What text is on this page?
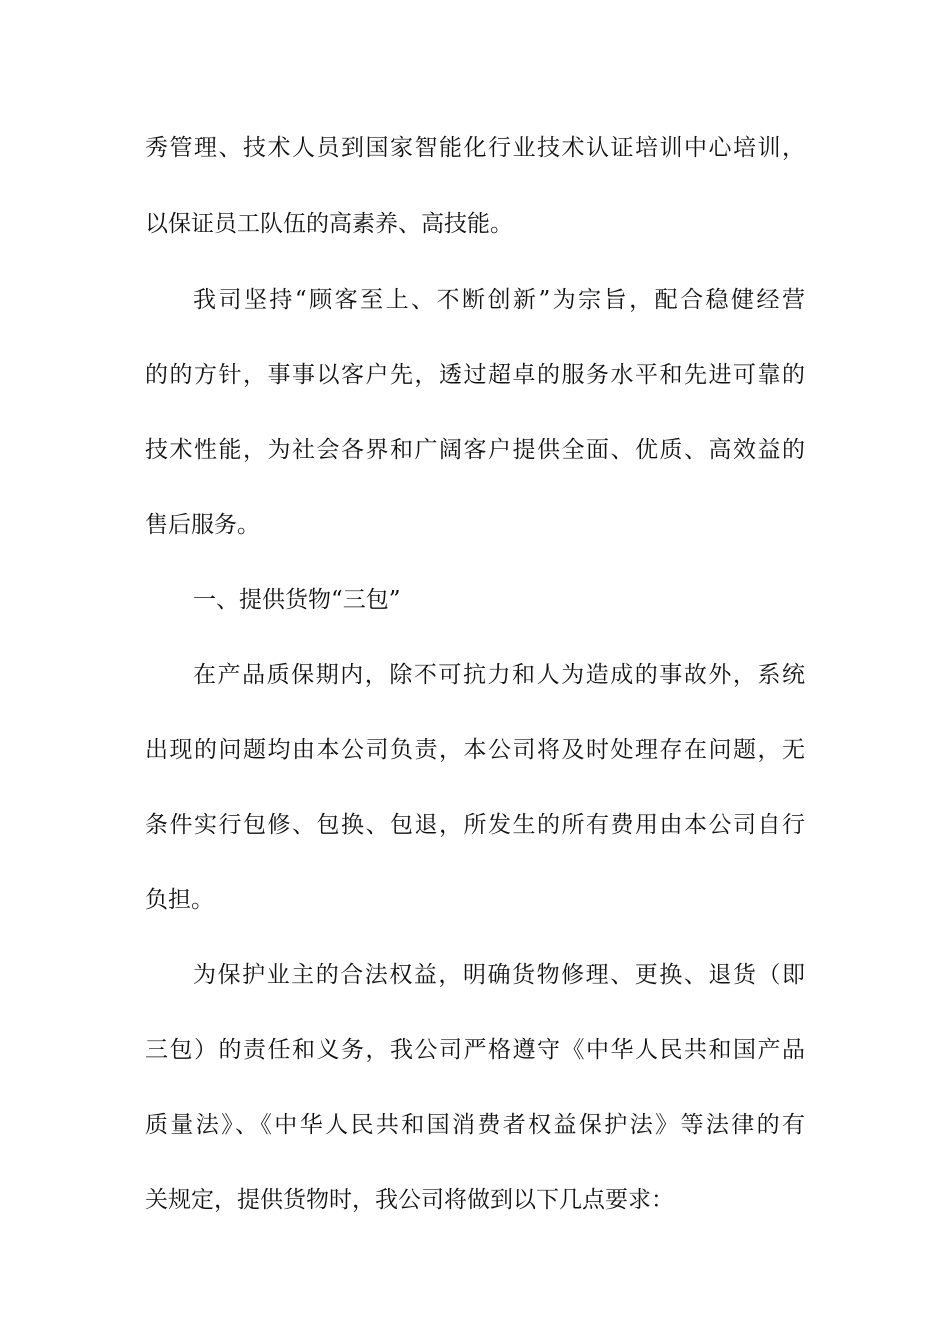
秀管理、技术人员到国家智能化行业技术认证培训中心培训，
以保证员工队伍的高素养、高技能。
我司坚持“顾客至上、不断创新”为宗旨，配合稳健经营
的的方针，事事以客户先，透过超卓的服务水平和先进可靠的
技术性能，为社会各界和广阔客户提供全面、优质、高效益的
售后服务。
一、提供货物“三包”
在产品质保期内，除不可抗力和人为造成的事故外，系统
出现的问题均由本公司负责，本公司将及时处理存在问题，无
条件实行包修、包换、包退，所发生的所有费用由本公司自行
负担。
为保护业主的合法权益，明确货物修理、更换、退货（即
三包）的责任和义务，我公司严格遵守《中华人民共和国产品
质量法》、《中华人民共和国消费者权益保护法》等法律的有
关规定，提供货物时，我公司将做到以下几点要求：
